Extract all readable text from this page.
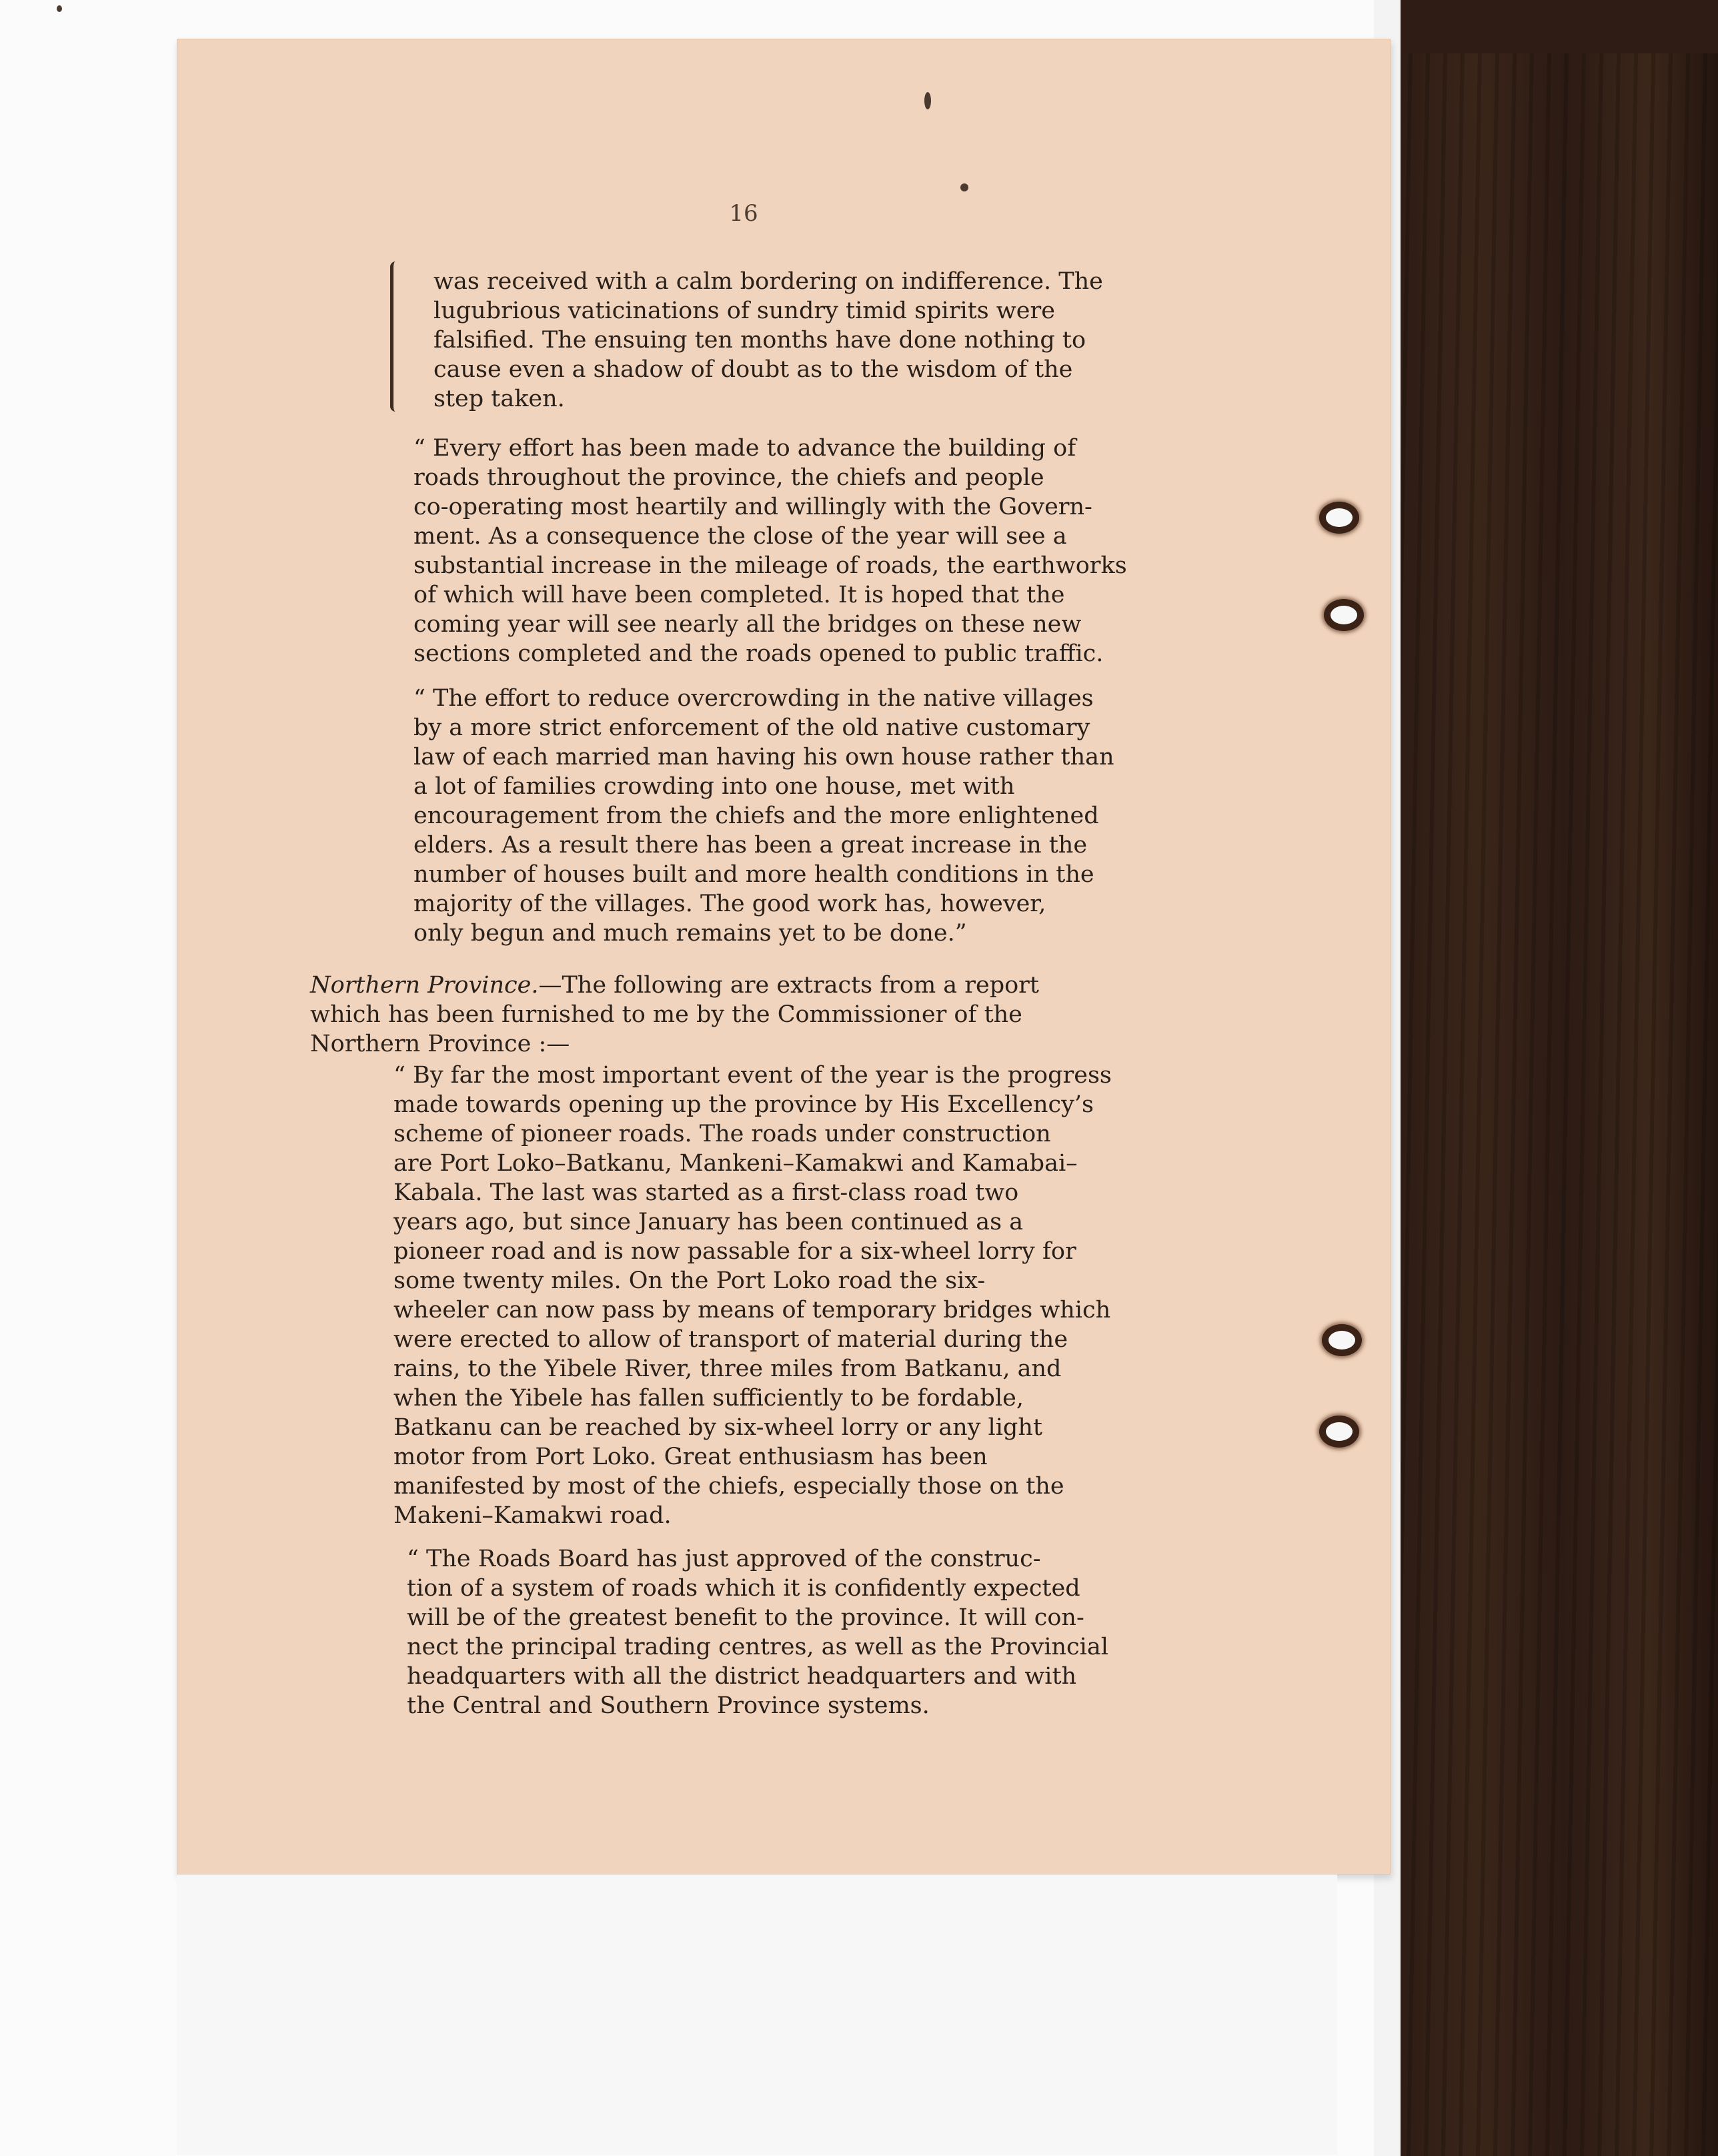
16

was received with a calm bordering on indifference. The
lugubrious vaticinations of sundry timid spirits were
falsified. The ensuing ten months have done nothing to
cause even a shadow of doubt as to the wisdom of the
step taken.

“ Every effort has been made to advance the building of
roads throughout the province, the chiefs and people
co-operating most heartily and willingly with the Govern-
ment. As a consequence the close of the year will see a
substantial increase in the mileage of roads, the earthworks
of which will have been completed. It is hoped that the
coming year will see nearly all the bridges on these new
sections completed and the roads opened to public traffic.

“ The effort to reduce overcrowding in the native villages
by a more strict enforcement of the old native customary
law of each married man having his own house rather than
a lot of families crowding into one house, met with
encouragement from the chiefs and the more enlightened
elders. As a result there has been a great increase in the
number of houses built and more health conditions in the
majority of the villages. The good work has, however,
only begun and much remains yet to be done.”

Northern Province.—The following are extracts from a report
which has been furnished to me by the Commissioner of the
Northern Province :—

“ By far the most important event of the year is the progress
made towards opening up the province by His Excellency’s
scheme of pioneer roads. The roads under construction
are Port Loko–Batkanu, Mankeni–Kamakwi and Kamabai–
Kabala. The last was started as a first-class road two
years ago, but since January has been continued as a
pioneer road and is now passable for a six-wheel lorry for
some twenty miles. On the Port Loko road the six-
wheeler can now pass by means of temporary bridges which
were erected to allow of transport of material during the
rains, to the Yibele River, three miles from Batkanu, and
when the Yibele has fallen sufficiently to be fordable,
Batkanu can be reached by six-wheel lorry or any light
motor from Port Loko. Great enthusiasm has been
manifested by most of the chiefs, especially those on the
Makeni–Kamakwi road.

“ The Roads Board has just approved of the construc-
tion of a system of roads which it is confidently expected
will be of the greatest benefit to the province. It will con-
nect the principal trading centres, as well as the Provincial
headquarters with all the district headquarters and with
the Central and Southern Province systems.
